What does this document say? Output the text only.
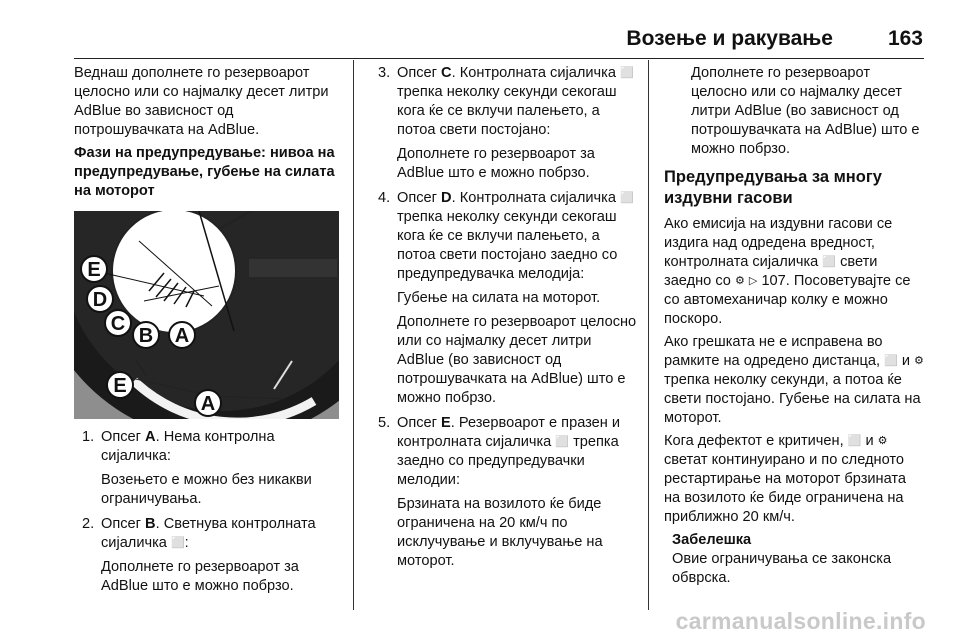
Возење и ракување	163

Веднаш дополнете го резервоарот целосно или со најмалку десет литри AdBlue во зависност од потрошувачката на AdBlue.

Фази на предупредување: нивоа на предупредување, губење на силата на моторот

E
D
C
B A
E
A
1. Опсег A. Нема контролна сијаличка:
Возењето е можно без никакви ограничувања.
2. Опсег B. Светнува контролната сијаличка ⬜:
Дополнете го резервоарот за AdBlue што е можно побрзо.
3. Опсег C. Контролната сијаличка ⬜ трепка неколку секунди секогаш кога ќе се вклучи палењето, а потоа свети постојано:
Дополнете го резервоарот за AdBlue што е можно побрзо.
4. Опсег D. Контролната сијаличка ⬜ трепка неколку секунди секогаш кога ќе се вклучи палењето, а потоа свети постојано заедно со предупредувачка мелодија:
Губење на силата на моторот.
Дополнете го резервоарот целосно или со најмалку десет литри AdBlue (во зависност од потрошувачката на AdBlue) што е можно побрзо.
5. Опсег E. Резервоарот е празен и контролната сијаличка ⬜ трепка заедно со предупредувачки мелодии:
Брзината на возилото ќе биде ограничена на 20 км/ч по исклучување и вклучување на моторот.

Дополнете го резервоарот целосно или со најмалку десет литри AdBlue (во зависност од потрошувачката на AdBlue) што е можно побрзо.

Предупредувања за многу издувни гасови

Ако емисија на издувни гасови се издига над одредена вредност, контролната сијаличка ⬜ свети заедно со ⚙ ▷ 107. Посоветувајте се со автомеханичар колку е можно поскоро.

Ако грешката не е исправена во рамките на одредено дистанца, ⬜ и ⚙ трепка неколку секунди, а потоа ќе свети постојано. Губење на силата на моторот.

Кога дефектот е критичен, ⬜ и ⚙ светат континуирано и по следното рестартирање на моторот брзината на возилото ќе биде ограничена на приближно 20 км/ч.

Забелешка
Овие ограничувања се законска обврска.
carmanualsonline.info
